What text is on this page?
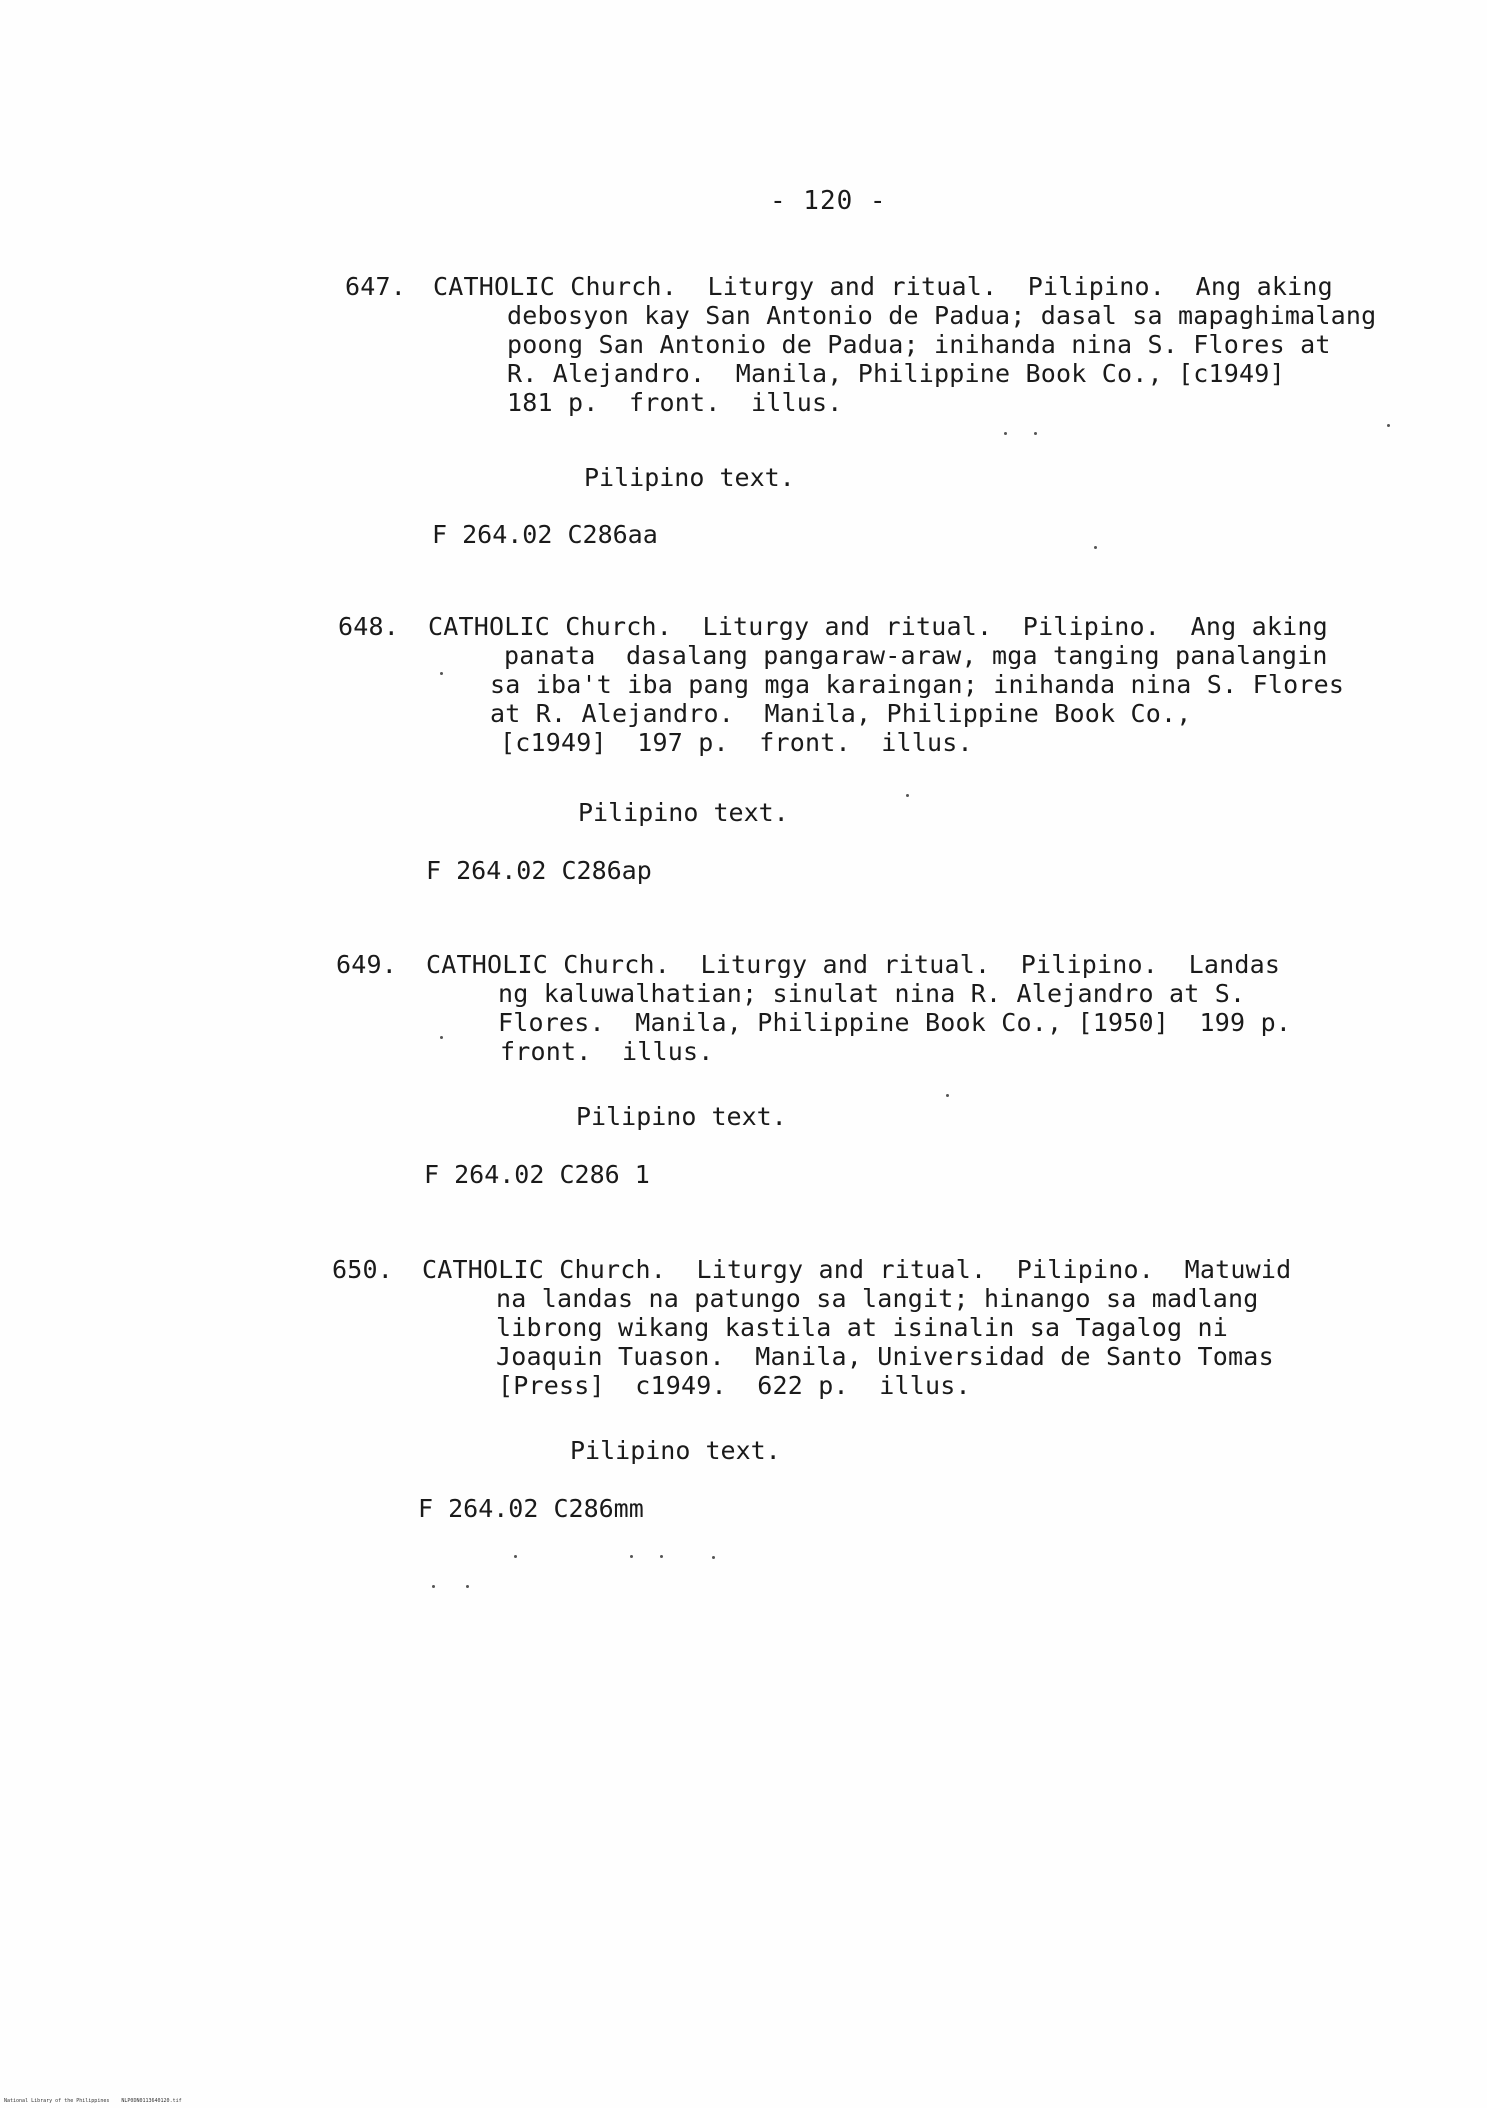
- 120 -
647. CATHOLIC Church.  Liturgy and ritual.  Pilipino.  Ang aking
debosyon kay San Antonio de Padua; dasal sa mapaghimalang
poong San Antonio de Padua; inihanda nina S. Flores at
R. Alejandro.  Manila, Philippine Book Co., [c1949]
181 p.  front.  illus.
Pilipino text.
F 264.02 C286aa
648. CATHOLIC Church.  Liturgy and ritual.  Pilipino.  Ang aking
panata  dasalang pangaraw-araw, mga tanging panalangin
sa iba't iba pang mga karaingan; inihanda nina S. Flores
at R. Alejandro.  Manila, Philippine Book Co.,
[c1949]  197 p.  front.  illus.
Pilipino text.
F 264.02 C286ap
649. CATHOLIC Church.  Liturgy and ritual.  Pilipino.  Landas
ng kaluwalhatian; sinulat nina R. Alejandro at S.
Flores.  Manila, Philippine Book Co., [1950]  199 p.
front.  illus.
Pilipino text.
F 264.02 C286 1
650. CATHOLIC Church.  Liturgy and ritual.  Pilipino.  Matuwid
na landas na patungo sa langit; hinango sa madlang
librong wikang kastila at isinalin sa Tagalog ni
Joaquin Tuason.  Manila, Universidad de Santo Tomas
[Press]  c1949.  622 p.  illus.
Pilipino text.
F 264.02 C286mm
National Library of the Philippines    NLP0DN0113640120.tif
